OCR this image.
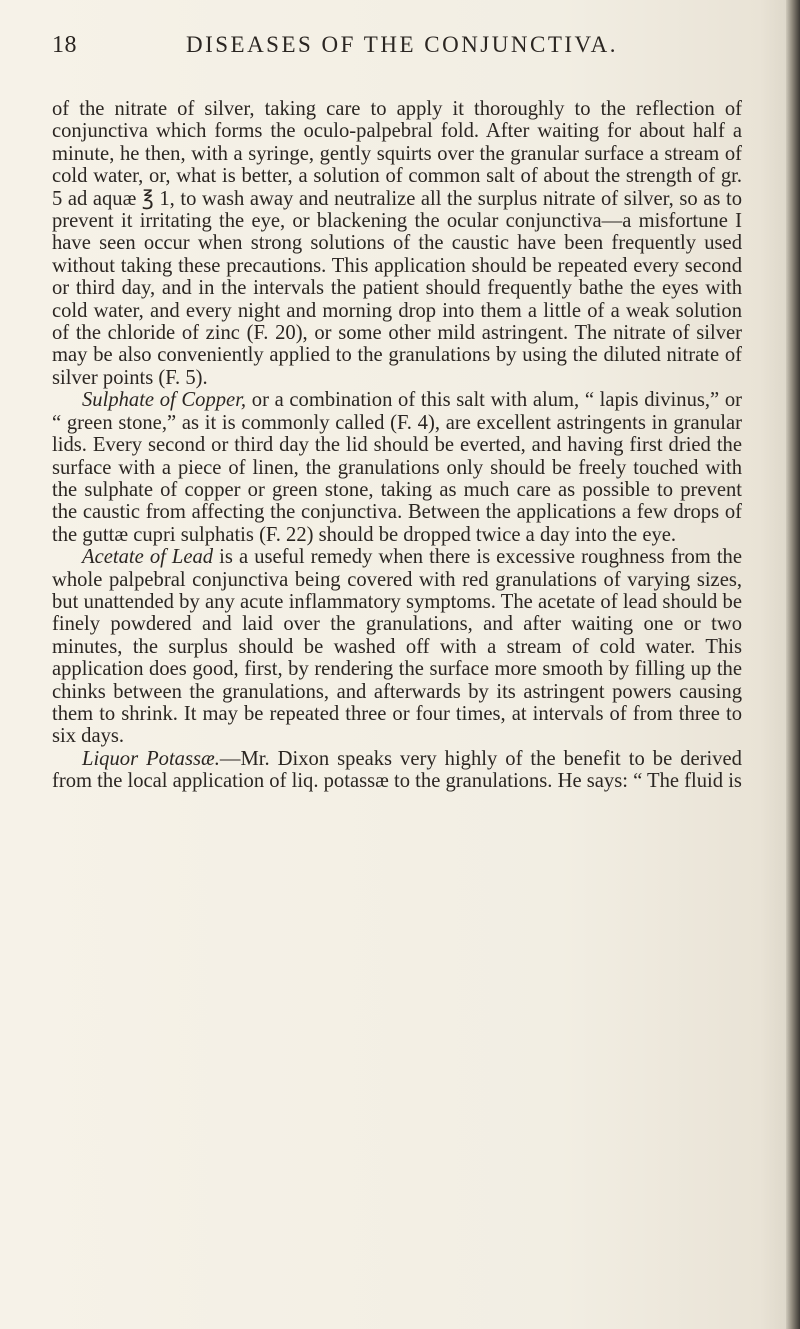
18	DISEASES OF THE CONJUNCTIVA.

of the nitrate of silver, taking care to apply it thoroughly to the reflection of conjunctiva which forms the oculo-palpebral fold. After waiting for about half a minute, he then, with a syringe, gently squirts over the granular surface a stream of cold water, or, what is better, a solution of common salt of about the strength of gr. 5 ad aquæ ℥ 1, to wash away and neutralize all the surplus nitrate of silver, so as to prevent it irritating the eye, or blackening the ocular conjunctiva—a misfortune I have seen occur when strong solutions of the caustic have been frequently used without taking these precautions. This application should be repeated every second or third day, and in the intervals the patient should frequently bathe the eyes with cold water, and every night and morning drop into them a little of a weak solution of the chloride of zinc (F. 20), or some other mild astringent. The nitrate of silver may be also conveniently applied to the granulations by using the diluted nitrate of silver points (F. 5).

Sulphate of Copper, or a combination of this salt with alum, “ lapis divinus,” or “ green stone,” as it is commonly called (F. 4), are excellent astringents in granular lids. Every second or third day the lid should be everted, and having first dried the surface with a piece of linen, the granulations only should be freely touched with the sulphate of copper or green stone, taking as much care as possible to prevent the caustic from affecting the conjunctiva. Between the applications a few drops of the guttæ cupri sulphatis (F. 22) should be dropped twice a day into the eye.

Acetate of Lead is a useful remedy when there is excessive roughness from the whole palpebral conjunctiva being covered with red granulations of varying sizes, but unattended by any acute inflammatory symptoms. The acetate of lead should be finely powdered and laid over the granulations, and after waiting one or two minutes, the surplus should be washed off with a stream of cold water. This application does good, first, by rendering the surface more smooth by filling up the chinks between the granulations, and afterwards by its astringent powers causing them to shrink. It may be repeated three or four times, at intervals of from three to six days.

Liquor Potassæ.—Mr. Dixon speaks very highly of the benefit to be derived from the local application of liq. potassæ to the granulations. He says: “ The fluid is
